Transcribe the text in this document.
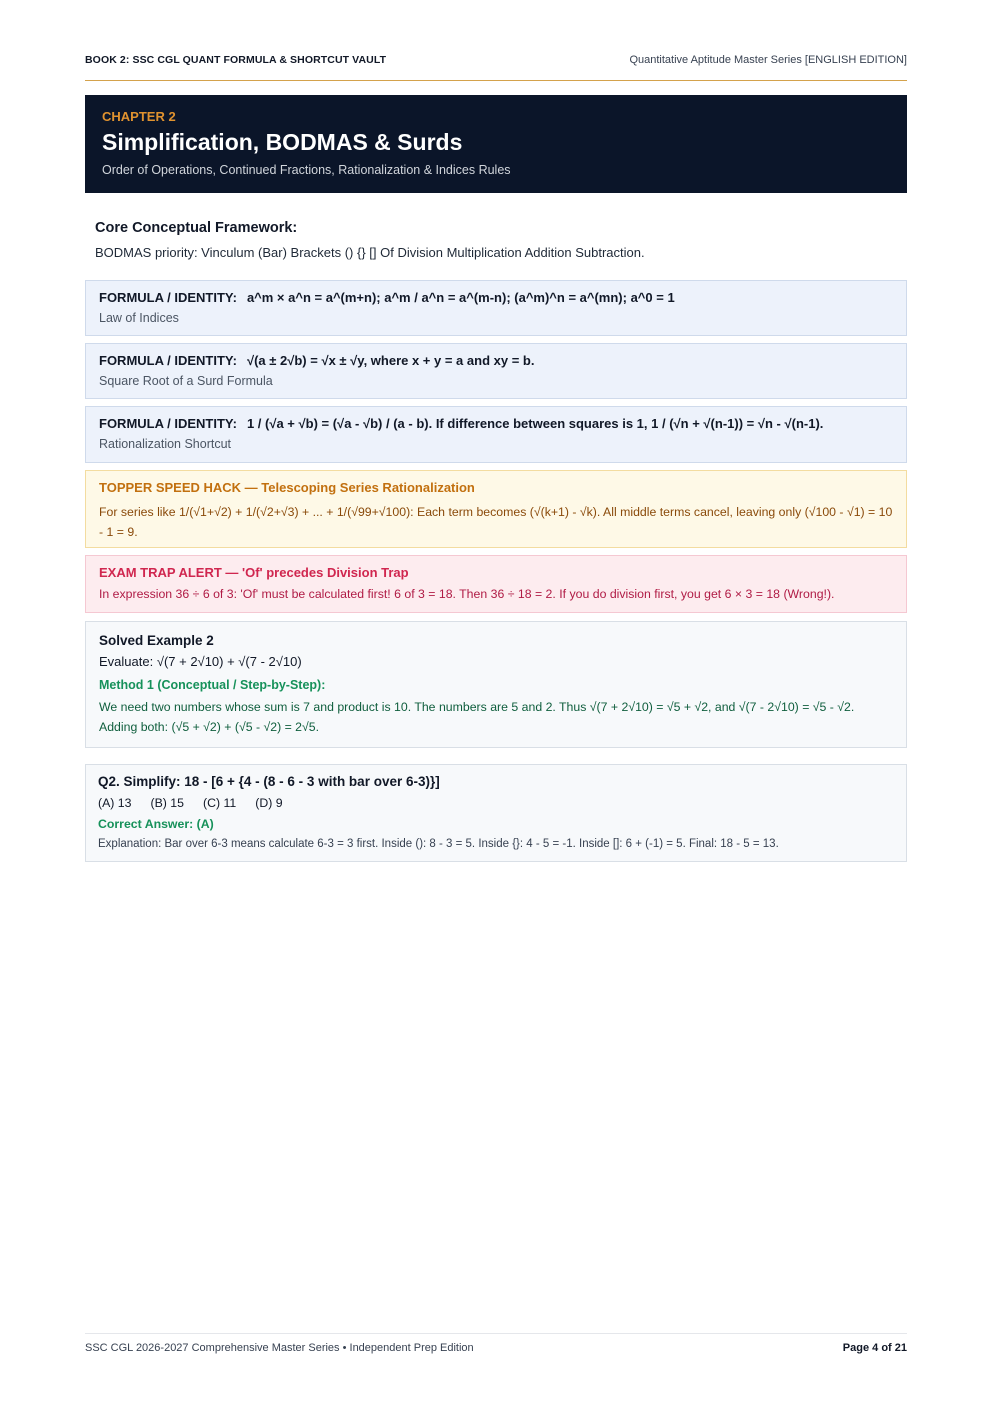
BOOK 2: SSC CGL QUANT FORMULA & SHORTCUT VAULT	Quantitative Aptitude Master Series [ENGLISH EDITION]
CHAPTER 2
Simplification, BODMAS & Surds
Order of Operations, Continued Fractions, Rationalization & Indices Rules
Core Conceptual Framework:
BODMAS priority: Vinculum (Bar) Brackets () {} [] Of Division Multiplication Addition Subtraction.
FORMULA / IDENTITY: a^m × a^n = a^(m+n); a^m / a^n = a^(m-n); (a^m)^n = a^(mn); a^0 = 1
Law of Indices
FORMULA / IDENTITY: √(a ± 2√b) = √x ± √y, where x + y = a and xy = b.
Square Root of a Surd Formula
FORMULA / IDENTITY: 1 / (√a + √b) = (√a - √b) / (a - b). If difference between squares is 1, 1 / (√n + √(n-1)) = √n - √(n-1).
Rationalization Shortcut
TOPPER SPEED HACK — Telescoping Series Rationalization
For series like 1/(√1+√2) + 1/(√2+√3) + ... + 1/(√99+√100): Each term becomes (√(k+1) - √k). All middle terms cancel, leaving only (√100 - √1) = 10 - 1 = 9.
EXAM TRAP ALERT — 'Of' precedes Division Trap
In expression 36 ÷ 6 of 3: 'Of' must be calculated first! 6 of 3 = 18. Then 36 ÷ 18 = 2. If you do division first, you get 6 × 3 = 18 (Wrong!).
Solved Example 2
Evaluate: √(7 + 2√10) + √(7 - 2√10)
Method 1 (Conceptual / Step-by-Step):
We need two numbers whose sum is 7 and product is 10. The numbers are 5 and 2. Thus √(7 + 2√10) = √5 + √2, and √(7 - 2√10) = √5 - √2. Adding both: (√5 + √2) + (√5 - √2) = 2√5.
Q2. Simplify: 18 - [6 + {4 - (8 - 6 - 3 with bar over 6-3)}]
(A) 13 (B) 15 (C) 11 (D) 9
Correct Answer: (A)
Explanation: Bar over 6-3 means calculate 6-3 = 3 first. Inside (): 8 - 3 = 5. Inside {}: 4 - 5 = -1. Inside []: 6 + (-1) = 5. Final: 18 - 5 = 13.
SSC CGL 2026-2027 Comprehensive Master Series • Independent Prep Edition	Page 4 of 21
